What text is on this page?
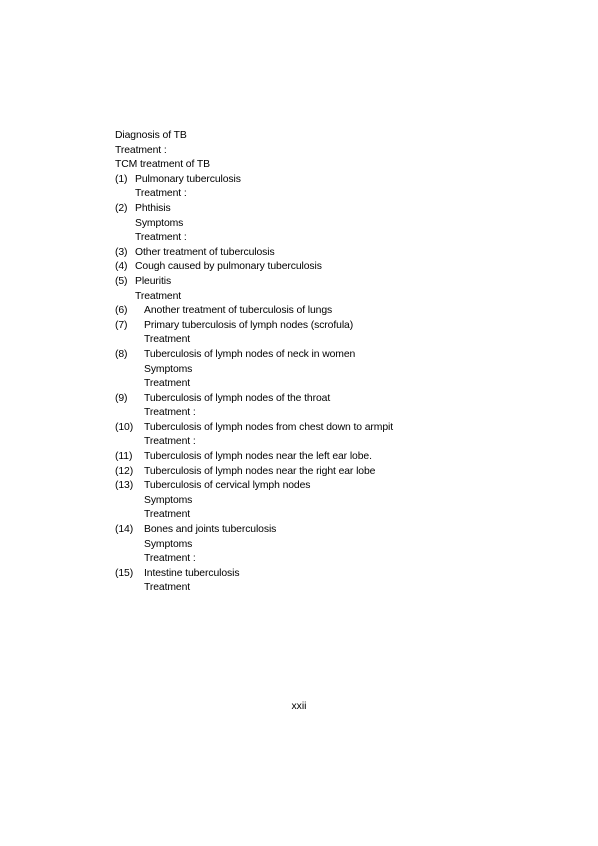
Diagnosis of TB
Treatment :
TCM treatment of TB
(1) Pulmonary tuberculosis
Treatment :
(2) Phthisis
Symptoms
Treatment :
(3) Other treatment of tuberculosis
(4) Cough caused by pulmonary tuberculosis
(5) Pleuritis
Treatment
(6) Another treatment of tuberculosis of lungs
(7) Primary tuberculosis of lymph nodes (scrofula)
Treatment
(8) Tuberculosis of lymph nodes of neck in women
Symptoms
Treatment
(9) Tuberculosis of lymph nodes of the throat
Treatment :
(10) Tuberculosis of lymph nodes from chest down to armpit
Treatment :
(11) Tuberculosis of lymph nodes near the left ear lobe.
(12) Tuberculosis of lymph nodes near the right ear lobe
(13) Tuberculosis of cervical lymph nodes
Symptoms
Treatment
(14) Bones and joints tuberculosis
Symptoms
Treatment :
(15) Intestine tuberculosis
Treatment
xxii
